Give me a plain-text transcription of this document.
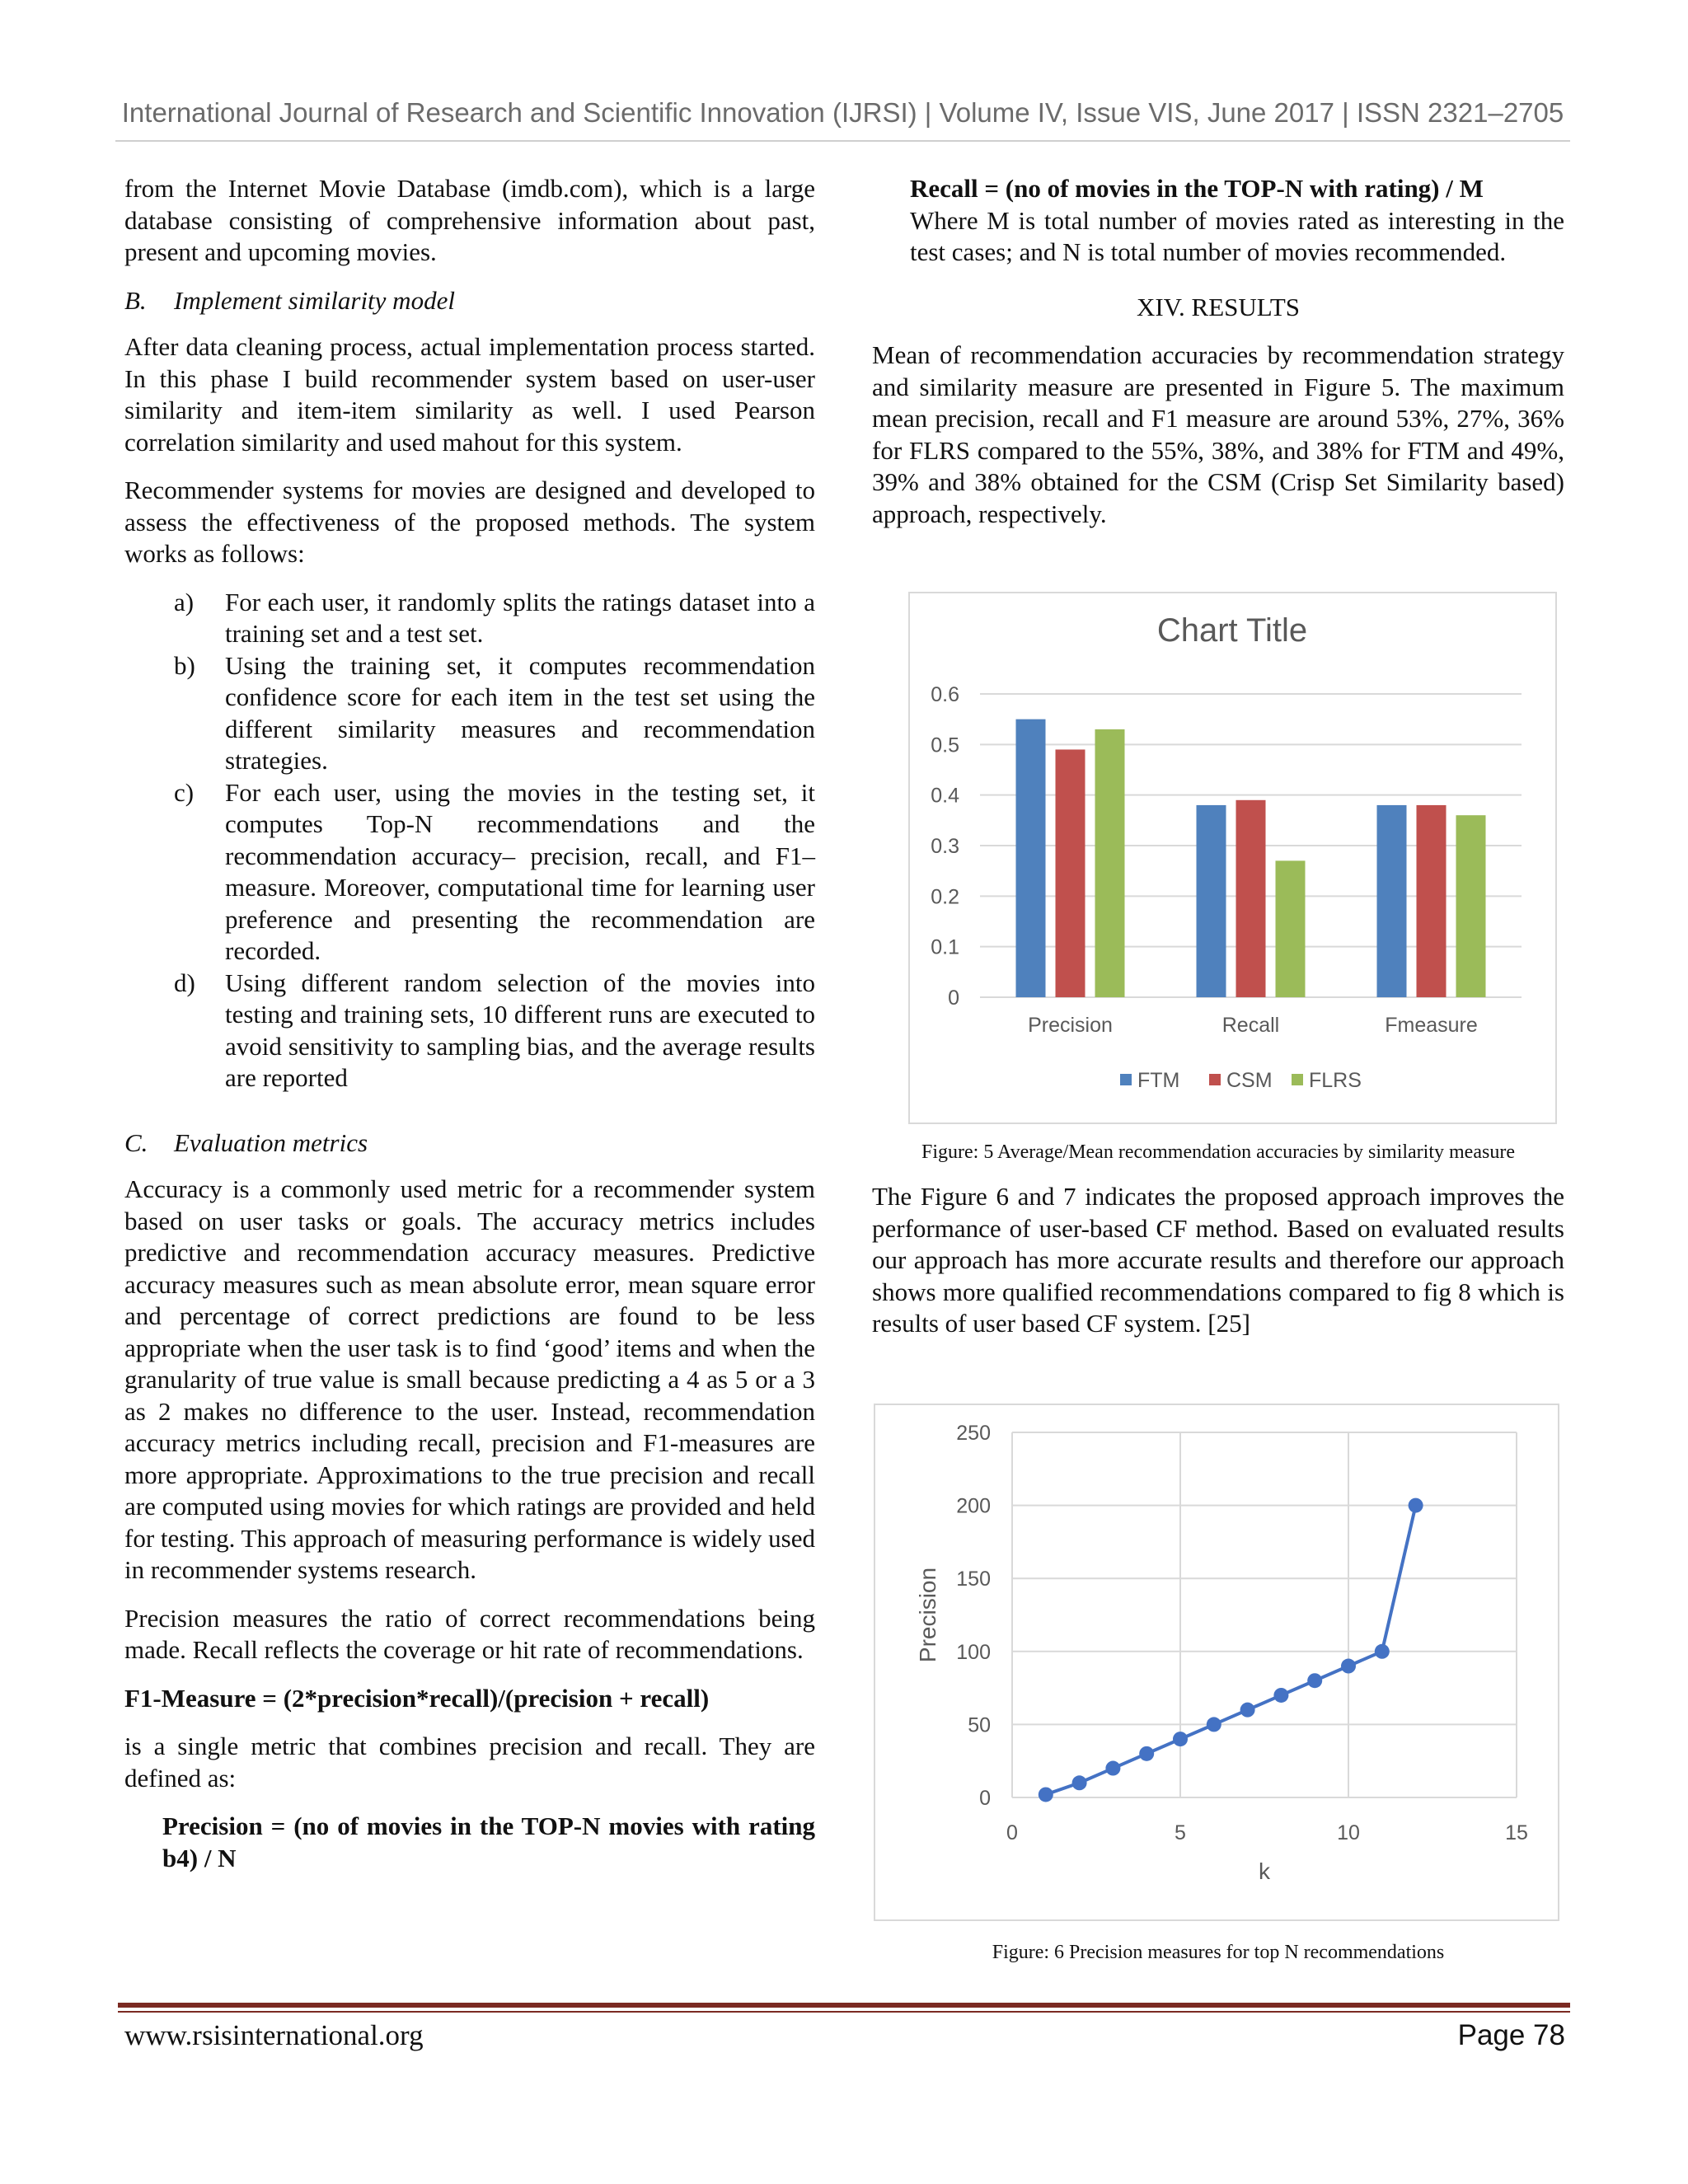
International Journal of Research and Scientific Innovation (IJRSI) | Volume IV, Issue VIS, June 2017 | ISSN 2321–2705

from the Internet Movie Database (imdb.com), which is a large database consisting of comprehensive information about past, present and upcoming movies.

B. Implement similarity model

After data cleaning process, actual implementation process started. In this phase I build recommender system based on user-user similarity and item-item similarity as well. I used Pearson correlation similarity and used mahout for this system.

Recommender systems for movies are designed and developed to assess the effectiveness of the proposed methods. The system works as follows:

a)	For each user, it randomly splits the ratings dataset into a training set and a test set.
b)	Using the training set, it computes recommendation confidence score for each item in the test set using the different similarity measures and recommendation strategies.
c)	For each user, using the movies in the testing set, it computes Top-N recommendations and the recommendation accuracy– precision, recall, and F1–measure. Moreover, computational time for learning user preference and presenting the recommendation are recorded.
d)	Using different random selection of the movies into testing and training sets, 10 different runs are executed to avoid sensitivity to sampling bias, and the average results are reported
C. Evaluation metrics

Accuracy is a commonly used metric for a recommender system based on user tasks or goals. The accuracy metrics includes predictive and recommendation accuracy measures. Predictive accuracy measures such as mean absolute error, mean square error and percentage of correct predictions are found to be less appropriate when the user task is to find ‘good’ items and when the granularity of true value is small because predicting a 4 as 5 or a 3 as 2 makes no difference to the user. Instead, recommendation accuracy metrics including recall, precision and F1-measures are more appropriate. Approximations to the true precision and recall are computed using movies for which ratings are provided and held for testing. This approach of measuring performance is widely used in recommender systems research.

Precision measures the ratio of correct recommendations being made. Recall reflects the coverage or hit rate of recommendations.

F1-Measure = (2*precision*recall)/(precision + recall)

is a single metric that combines precision and recall. They are defined as:

Precision = (no of movies in the TOP-N movies with rating b4) / N

Recall = (no of movies in the TOP-N with rating) / M

Where M is total number of movies rated as interesting in the test cases; and N is total number of movies recommended.

XIV. RESULTS

Mean of recommendation accuracies by recommendation strategy and similarity measure are presented in Figure 5. The maximum mean precision, recall and F1 measure are around 53%, 27%, 36% for FLRS compared to the 55%, 38%, and 38% for FTM and 49%, 39% and 38% obtained for the CSM (Crisp Set Similarity based) approach, respectively.

Chart Title
0
0.1
0.2
0.3
0.4
0.5
0.6
Precision	Recall	Fmeasure
FTM CSM FLRS
Figure: 5 Average/Mean recommendation accuracies by similarity measure

The Figure 6 and 7 indicates the proposed approach improves the performance of user-based CF method. Based on evaluated results our approach has more accurate results and therefore our approach shows more qualified recommendations compared to fig 8 which is results of user based CF system. [25]

0
50
100
150
200
250
0	5	10	15
k
Precision
Figure: 6 Precision measures for top N recommendations
www.rsisinternational.org	Page 78
